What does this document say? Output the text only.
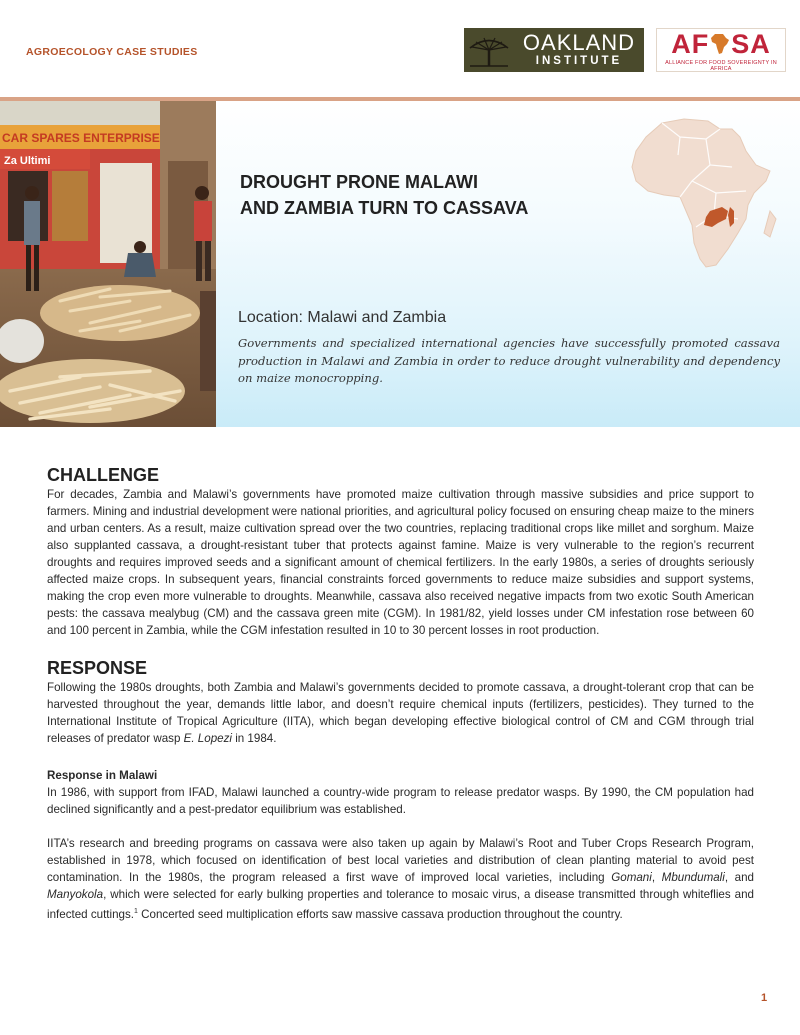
AGROECOLOGY CASE STUDIES	OAKLAND
INSTITUTE
AF SA
ALLIANCE FOR FOOD SOVEREIGNTY IN AFRICA
CAR SPARES ENTERPRISE
Za Ultimi
DROUGHT PRONE MALAWI
AND ZAMBIA TURN TO CASSAVA
Location: Malawi and Zambia
Governments and specialized international agencies have successfully promoted cassava production in Malawi and Zambia in order to reduce drought vulnerability and dependency on maize monocropping.
CHALLENGE

For decades, Zambia and Malawi’s governments have promoted maize cultivation through massive subsidies and price support to farmers. Mining and industrial development were national priorities, and agricultural policy focused on ensuring cheap maize to the miners and urban centers. As a result, maize cultivation spread over the two countries, replacing traditional crops like millet and sorghum. Maize also supplanted cassava, a drought-resistant tuber that protects against famine. Maize is very vulnerable to the region’s recurrent droughts and requires improved seeds and a significant amount of chemical fertilizers. In the early 1980s, a series of droughts seriously affected maize crops. In subsequent years, financial constraints forced governments to reduce maize subsidies and support systems, making the crop even more vulnerable to droughts. Meanwhile, cassava also received negative impacts from two exotic South American pests: the cassava mealybug (CM) and the cassava green mite (CGM). In 1981/82, yield losses under CM infestation rose between 60 and 100 percent in Zambia, while the CGM infestation resulted in 10 to 30 percent losses in root production.

RESPONSE

Following the 1980s droughts, both Zambia and Malawi’s governments decided to promote cassava, a drought-tolerant crop that can be harvested throughout the year, demands little labor, and doesn’t require chemical inputs (fertilizers, pesticides). They turned to the International Institute of Tropical Agriculture (IITA), which began developing effective biological control of CM and CGM through trial releases of predator wasp E. Lopezi in 1984.

Response in Malawi

In 1986, with support from IFAD, Malawi launched a country-wide program to release predator wasps. By 1990, the CM population had declined significantly and a pest-predator equilibrium was established.

IITA’s research and breeding programs on cassava were also taken up again by Malawi’s Root and Tuber Crops Research Program, established in 1978, which focused on identification of best local varieties and distribution of clean planting material to avoid pest contamination. In the 1980s, the program released a first wave of improved local varieties, including Gomani, Mbundumali, and Manyokola, which were selected for early bulking properties and tolerance to mosaic virus, a disease transmitted through whiteflies and infected cuttings.$^1$ Concerted seed multiplication efforts saw massive cassava production throughout the country.

1
